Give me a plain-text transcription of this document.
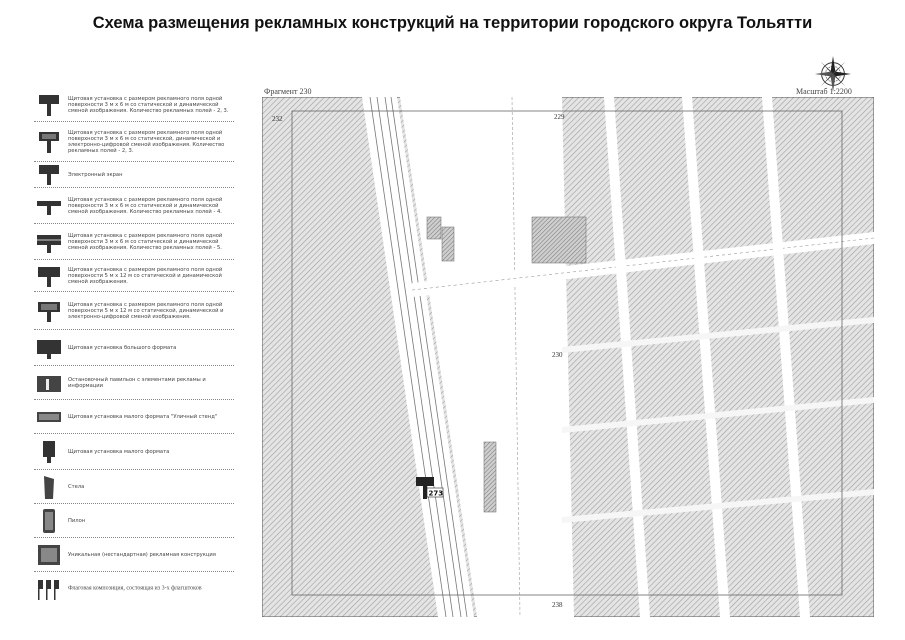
Схема размещения рекламных конструкций на территории городского округа Тольятти
Щитовая установка с размером рекламного поля одной поверхности 3 м х 6 м со статической и динамической сменой изображения. Количество рекламных полей - 2, 3.
Щитовая установка с размером рекламного поля одной поверхности 3 м х 6 м со статической, динамической и электронно-цифровой сменой изображения. Количество рекламных полей - 2, 3.
Электронный экран
Щитовая установка с размером рекламного поля одной поверхности 3 м х 6 м со статической и динамической сменой изображения. Количество рекламных полей - 4.
Щитовая установка с размером рекламного поля одной поверхности 3 м х 6 м со статической и динамической сменой изображения. Количество рекламных полей - 5.
Щитовая установка с размером рекламного поля одной поверхности 5 м х 12 м со статической и динамической сменой изображения.
Щитовая установка с размером рекламного поля одной поверхности 5 м х 12 м со статической, динамической и электронно-цифровой сменой изображения.
Щитовая установка большого формата
Остановочный павильон с элементами рекламы и информации
Щитовая установка малого формата "Уличный стенд"
Щитовая установка малого формата
Стела
Пилон
Уникальная (нестандартная) рекламная конструкция
Флаговая композиция, состоящая из 3-х флагштоков
Фрагмент 230	Масштаб 1:2200
232	229
238
230
273
